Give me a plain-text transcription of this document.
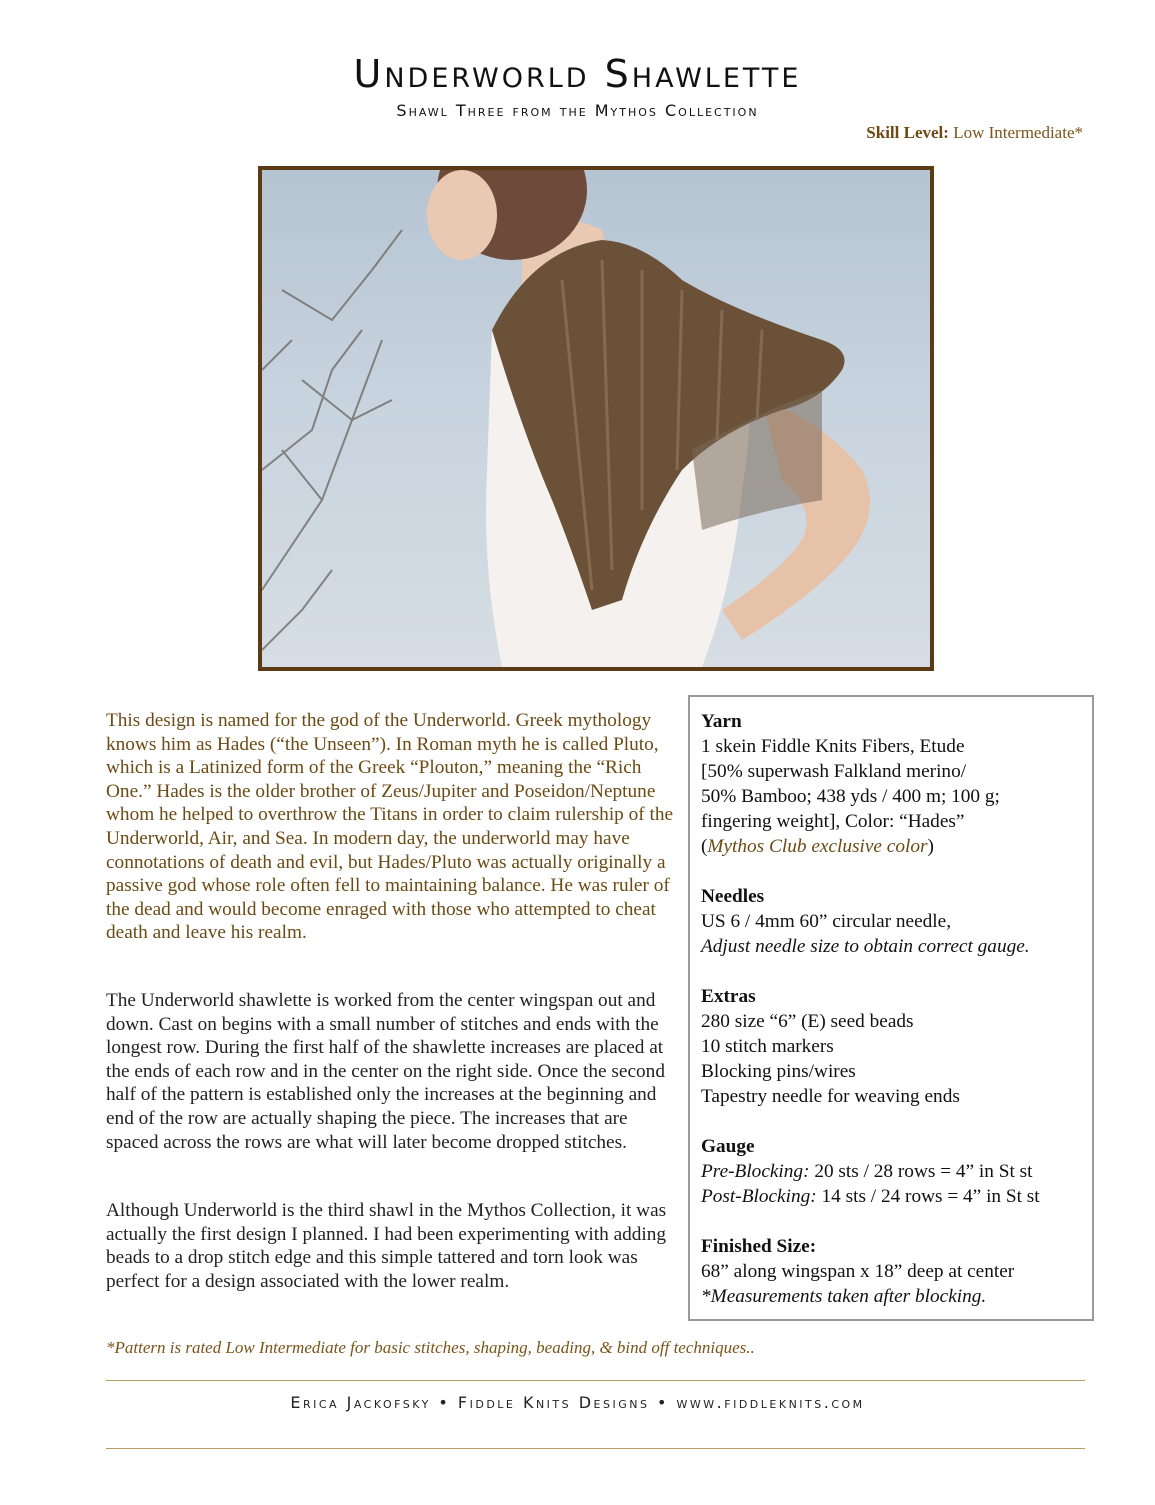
Underworld Shawlette
Shawl Three from the Mythos Collection
Skill Level: Low Intermediate*

This design is named for the god of the Underworld. Greek mythology knows him as Hades (“the Unseen”). In Roman myth he is called Pluto, which is a Latinized form of the Greek “Plouton,” meaning the “Rich One.” Hades is the older brother of Zeus/Jupiter and Poseidon/Neptune whom he helped to overthrow the Titans in order to claim rulership of the Underworld, Air, and Sea. In modern day, the underworld may have connotations of death and evil, but Hades/Pluto was actually originally a passive god whose role often fell to maintaining balance. He was ruler of the dead and would become enraged with those who attempted to cheat death and leave his realm.

The Underworld shawlette is worked from the center wingspan out and down. Cast on begins with a small number of stitches and ends with the longest row. During the first half of the shawlette increases are placed at the ends of each row and in the center on the right side. Once the second half of the pattern is established only the increases at the beginning and end of the row are actually shaping the piece. The increases that are spaced across the rows are what will later become dropped stitches.

Although Underworld is the third shawl in the Mythos Collection, it was actually the first design I planned. I had been experimenting with adding beads to a drop stitch edge and this simple tattered and torn look was perfect for a design associated with the lower realm.

Yarn
1 skein Fiddle Knits Fibers, Etude
[50% superwash Falkland merino/
50% Bamboo; 438 yds / 400 m; 100 g;
fingering weight], Color: “Hades”
(Mythos Club exclusive color)
Needles
US 6 / 4mm 60” circular needle,
Adjust needle size to obtain correct gauge.
Extras
280 size “6” (E) seed beads
10 stitch markers
Blocking pins/wires
Tapestry needle for weaving ends
Gauge
Pre-Blocking: 20 sts / 28 rows = 4” in St st
Post-Blocking: 14 sts / 24 rows = 4” in St st
Finished Size:
68” along wingspan x 18” deep at center
*Measurements taken after blocking.
*Pattern is rated Low Intermediate for basic stitches, shaping, beading, & bind off techniques..
Erica Jackofsky • Fiddle Knits Designs • www.fiddleknits.com
